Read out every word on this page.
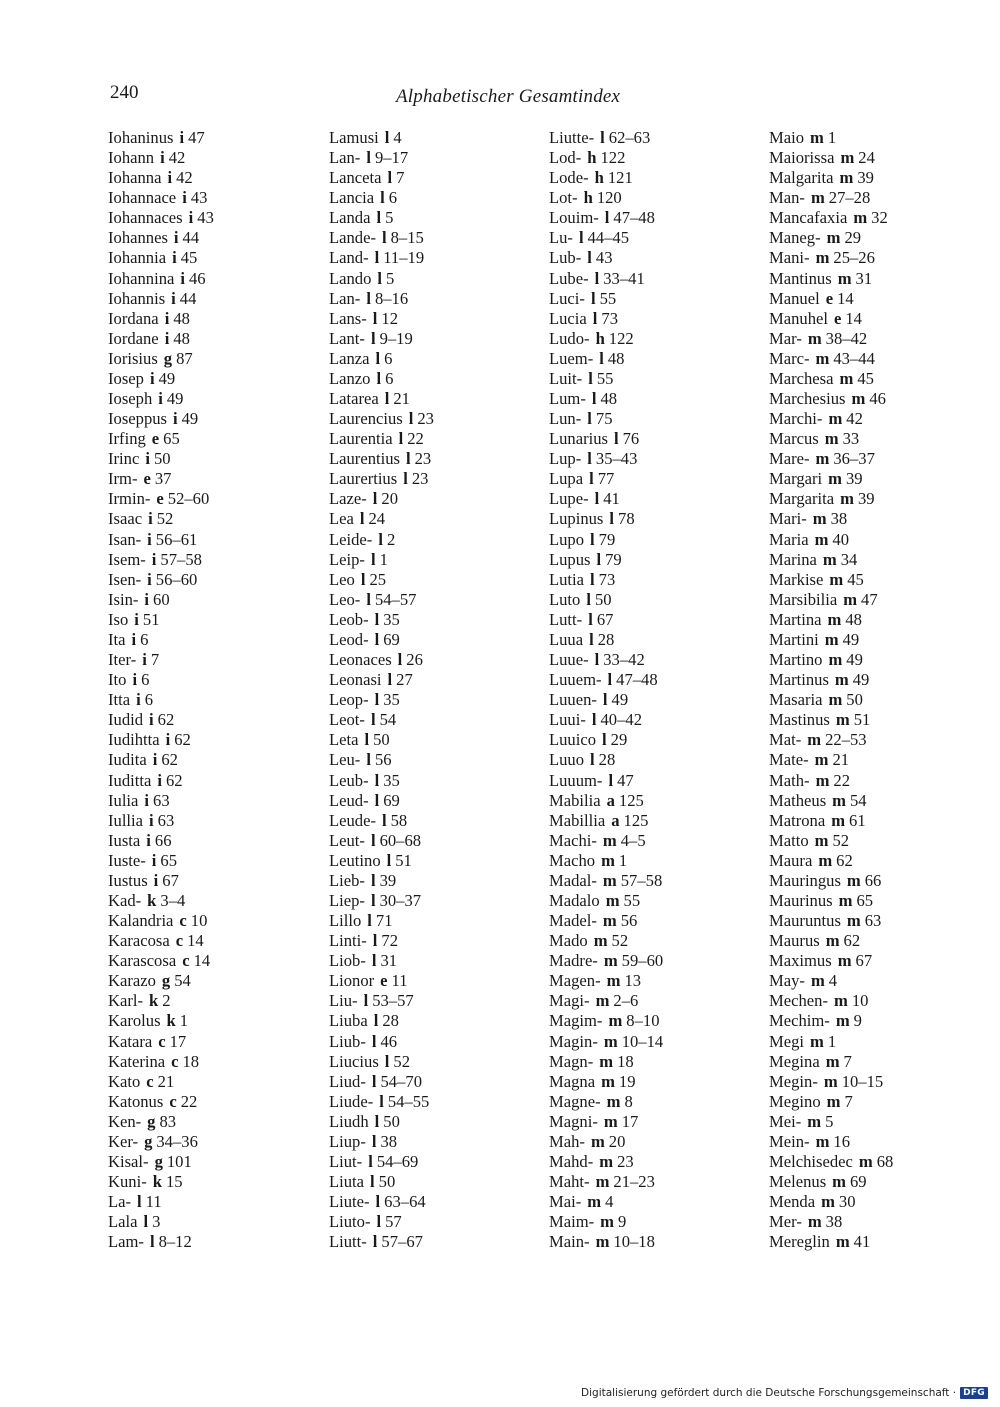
240	Alphabetischer Gesamtindex
Iohaninus i 47
Iohann i 42
Iohanna i 42
Iohannace i 43
Iohannaces i 43
Iohannes i 44
Iohannia i 45
Iohannina i 46
Iohannis i 44
Iordana i 48
Iordane i 48
Iorisius g 87
Iosep i 49
Ioseph i 49
Ioseppus i 49
Irfing e 65
Irinc i 50
Irm- e 37
Irmin- e 52–60
Isaac i 52
Isan- i 56–61
Isem- i 57–58
Isen- i 56–60
Isin- i 60
Iso i 51
Ita i 6
Iter- i 7
Ito i 6
Itta i 6
Iudid i 62
Iudihtta i 62
Iudita i 62
Iuditta i 62
Iulia i 63
Iullia i 63
Iusta i 66
Iuste- i 65
Iustus i 67
Kad- k 3–4
Kalandria c 10
Karacosa c 14
Karascosa c 14
Karazo g 54
Karl- k 2
Karolus k 1
Katara c 17
Katerina c 18
Kato c 21
Katonus c 22
Ken- g 83
Ker- g 34–36
Kisal- g 101
Kuni- k 15
La- l 11
Lala l 3
Lam- l 8–12
Lamusi l 4
Lan- l 9–17
Lanceta l 7
Lancia l 6
Landa l 5
Lande- l 8–15
Land- l 11–19
Lando l 5
Lan- l 8–16
Lans- l 12
Lant- l 9–19
Lanza l 6
Lanzo l 6
Latarea l 21
Laurencius l 23
Laurentia l 22
Laurentius l 23
Laurertius l 23
Laze- l 20
Lea l 24
Leide- l 2
Leip- l 1
Leo l 25
Leo- l 54–57
Leob- l 35
Leod- l 69
Leonaces l 26
Leonasi l 27
Leop- l 35
Leot- l 54
Leta l 50
Leu- l 56
Leub- l 35
Leud- l 69
Leude- l 58
Leut- l 60–68
Leutino l 51
Lieb- l 39
Liep- l 30–37
Lillo l 71
Linti- l 72
Liob- l 31
Lionor e 11
Liu- l 53–57
Liuba l 28
Liub- l 46
Liucius l 52
Liud- l 54–70
Liude- l 54–55
Liudh l 50
Liup- l 38
Liut- l 54–69
Liuta l 50
Liute- l 63–64
Liuto- l 57
Liutt- l 57–67
Liutte- l 62–63
Lod- h 122
Lode- h 121
Lot- h 120
Louim- l 47–48
Lu- l 44–45
Lub- l 43
Lube- l 33–41
Luci- l 55
Lucia l 73
Ludo- h 122
Luem- l 48
Luit- l 55
Lum- l 48
Lun- l 75
Lunarius l 76
Lup- l 35–43
Lupa l 77
Lupe- l 41
Lupinus l 78
Lupo l 79
Lupus l 79
Lutia l 73
Luto l 50
Lutt- l 67
Luua l 28
Luue- l 33–42
Luuem- l 47–48
Luuen- l 49
Luui- l 40–42
Luuico l 29
Luuo l 28
Luuum- l 47
Mabilia a 125
Mabillia a 125
Machi- m 4–5
Macho m 1
Madal- m 57–58
Madalo m 55
Madel- m 56
Mado m 52
Madre- m 59–60
Magen- m 13
Magi- m 2–6
Magim- m 8–10
Magin- m 10–14
Magn- m 18
Magna m 19
Magne- m 8
Magni- m 17
Mah- m 20
Mahd- m 23
Maht- m 21–23
Mai- m 4
Maim- m 9
Main- m 10–18
Maio m 1
Maiorissa m 24
Malgarita m 39
Man- m 27–28
Mancafaxia m 32
Maneg- m 29
Mani- m 25–26
Mantinus m 31
Manuel e 14
Manuhel e 14
Mar- m 38–42
Marc- m 43–44
Marchesa m 45
Marchesius m 46
Marchi- m 42
Marcus m 33
Mare- m 36–37
Margari m 39
Margarita m 39
Mari- m 38
Maria m 40
Marina m 34
Markise m 45
Marsibilia m 47
Martina m 48
Martini m 49
Martino m 49
Martinus m 49
Masaria m 50
Mastinus m 51
Mat- m 22–53
Mate- m 21
Math- m 22
Matheus m 54
Matrona m 61
Matto m 52
Maura m 62
Mauringus m 66
Maurinus m 65
Mauruntus m 63
Maurus m 62
Maximus m 67
May- m 4
Mechen- m 10
Mechim- m 9
Megi m 1
Megina m 7
Megin- m 10–15
Megino m 7
Mei- m 5
Mein- m 16
Melchisedec m 68
Melenus m 69
Menda m 30
Mer- m 38
Mereglin m 41
Digitalisierung gefördert durch die Deutsche Forschungsgemeinschaft · DFG
